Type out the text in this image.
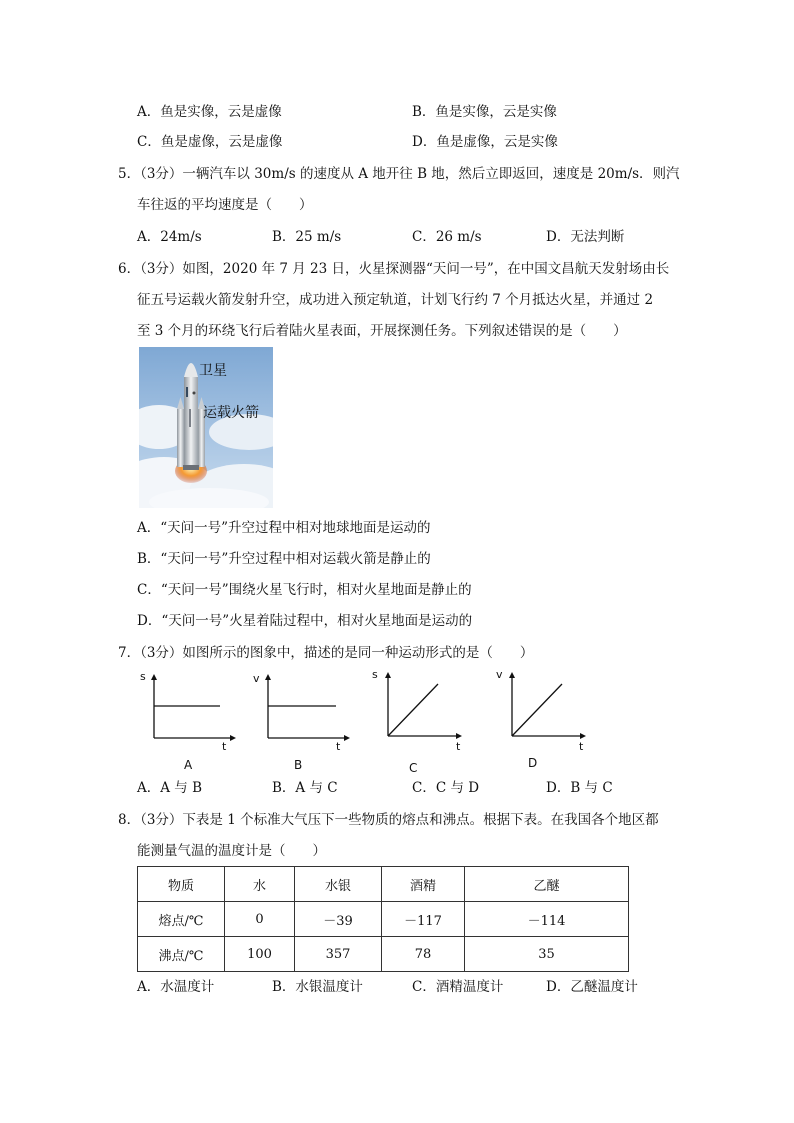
A．鱼是实像，云是虚像	B．鱼是实像，云是实像
C．鱼是虚像，云是虚像	D．鱼是虚像，云是实像
5．（3分）一辆汽车以 30m/s 的速度从 A 地开往 B 地，然后立即返回，速度是 20m/s．则汽
车往返的平均速度是（　　）
A．24m/s	B．25 m/s	C．26 m/s	D．无法判断
6．（3分）如图，2020 年 7 月 23 日，火星探测器“天问一号”，在中国文昌航天发射场由长
征五号运载火箭发射升空，成功进入预定轨道，计划飞行约 7 个月抵达火星，并通过 2
至 3 个月的环绕飞行后着陆火星表面，开展探测任务。下列叙述错误的是（　　）
卫星
运载火箭
A．“天问一号”升空过程中相对地球地面是运动的
B．“天问一号”升空过程中相对运载火箭是静止的
C．“天问一号”围绕火星飞行时，相对火星地面是静止的
D．“天问一号”火星着陆过程中，相对火星地面是运动的
7．（3分）如图所示的图象中，描述的是同一种运动形式的是（　　）
s
t
A
v
t
B
s
t
C
v
t
D
A．A 与 B	B．A 与 C	C．C 与 D	D．B 与 C
8．（3分）下表是 1 个标准大气压下一些物质的熔点和沸点。根据下表。在我国各个地区都
能测量气温的温度计是（　　）
物质	水	水银	酒精	乙醚
熔点/℃	0	－39	－117	－114
沸点/℃	100	357	78	35
A．水温度计	B．水银温度计	C．酒精温度计	D．乙醚温度计
